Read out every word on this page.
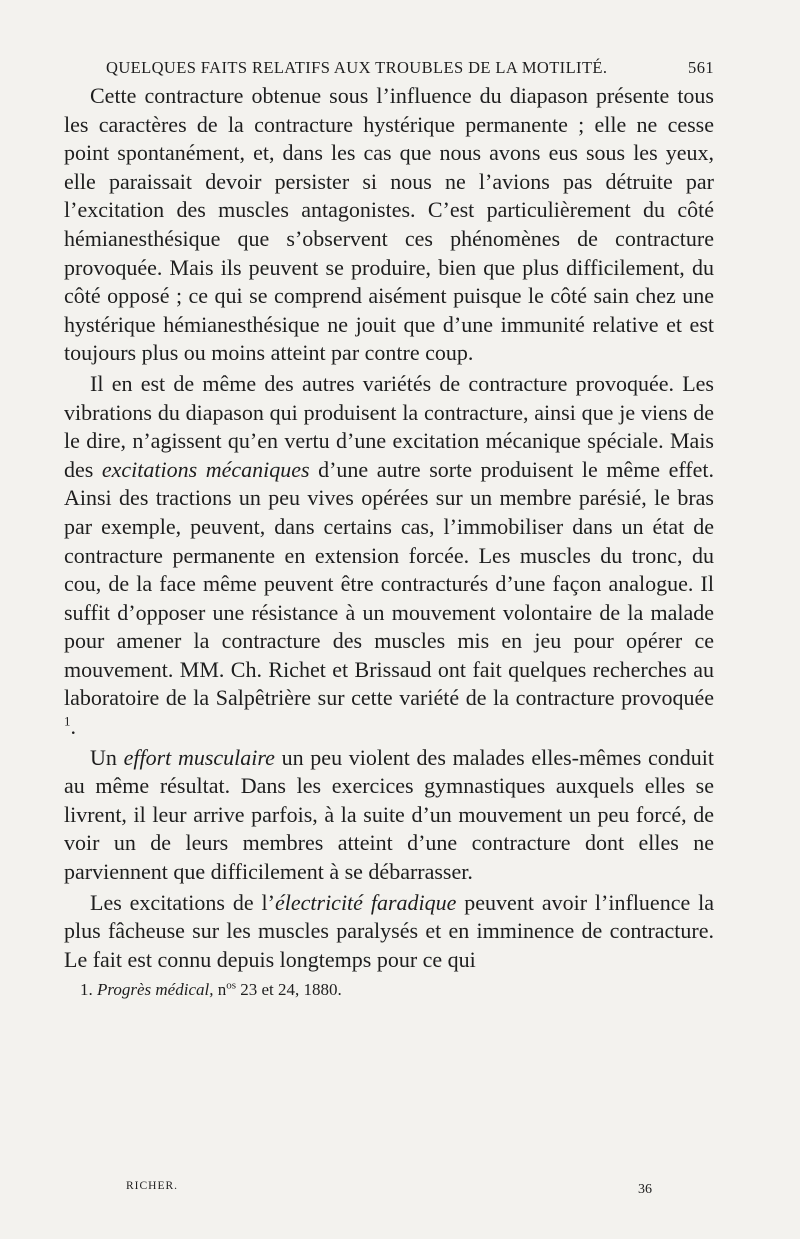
QUELQUES FAITS RELATIFS AUX TROUBLES DE LA MOTILITÉ.	561

Cette contracture obtenue sous l’influence du diapason présente tous les caractères de la contracture hystérique permanente ; elle ne cesse point spontanément, et, dans les cas que nous avons eus sous les yeux, elle paraissait devoir persister si nous ne l’avions pas détruite par l’excitation des muscles antagonistes. C’est particulièrement du côté hémianesthésique que s’observent ces phénomènes de contracture provoquée. Mais ils peuvent se produire, bien que plus difficilement, du côté opposé ; ce qui se comprend aisément puisque le côté sain chez une hystérique hémianesthésique ne jouit que d’une immunité relative et est toujours plus ou moins atteint par contre coup.

Il en est de même des autres variétés de contracture provoquée. Les vibrations du diapason qui produisent la contracture, ainsi que je viens de le dire, n’agissent qu’en vertu d’une excitation mécanique spéciale. Mais des excitations mécaniques d’une autre sorte produisent le même effet. Ainsi des tractions un peu vives opérées sur un membre parésié, le bras par exemple, peuvent, dans certains cas, l’immobiliser dans un état de contracture permanente en extension forcée. Les muscles du tronc, du cou, de la face même peuvent être contracturés d’une façon analogue. Il suffit d’opposer une résistance à un mouvement volontaire de la malade pour amener la contracture des muscles mis en jeu pour opérer ce mouvement. MM. Ch. Richet et Brissaud ont fait quelques recherches au laboratoire de la Salpêtrière sur cette variété de la contracture provoquée $^1$.

Un effort musculaire un peu violent des malades elles-mêmes conduit au même résultat. Dans les exercices gymnastiques auxquels elles se livrent, il leur arrive parfois, à la suite d’un mouvement un peu forcé, de voir un de leurs membres atteint d’une contracture dont elles ne parviennent que difficilement à se débarrasser.

Les excitations de l’électricité faradique peuvent avoir l’influence la plus fâcheuse sur les muscles paralysés et en imminence de contracture. Le fait est connu depuis longtemps pour ce qui

1. Progrès médical, $n^{os}$ 23 et 24, 1880.
RICHER.	36
